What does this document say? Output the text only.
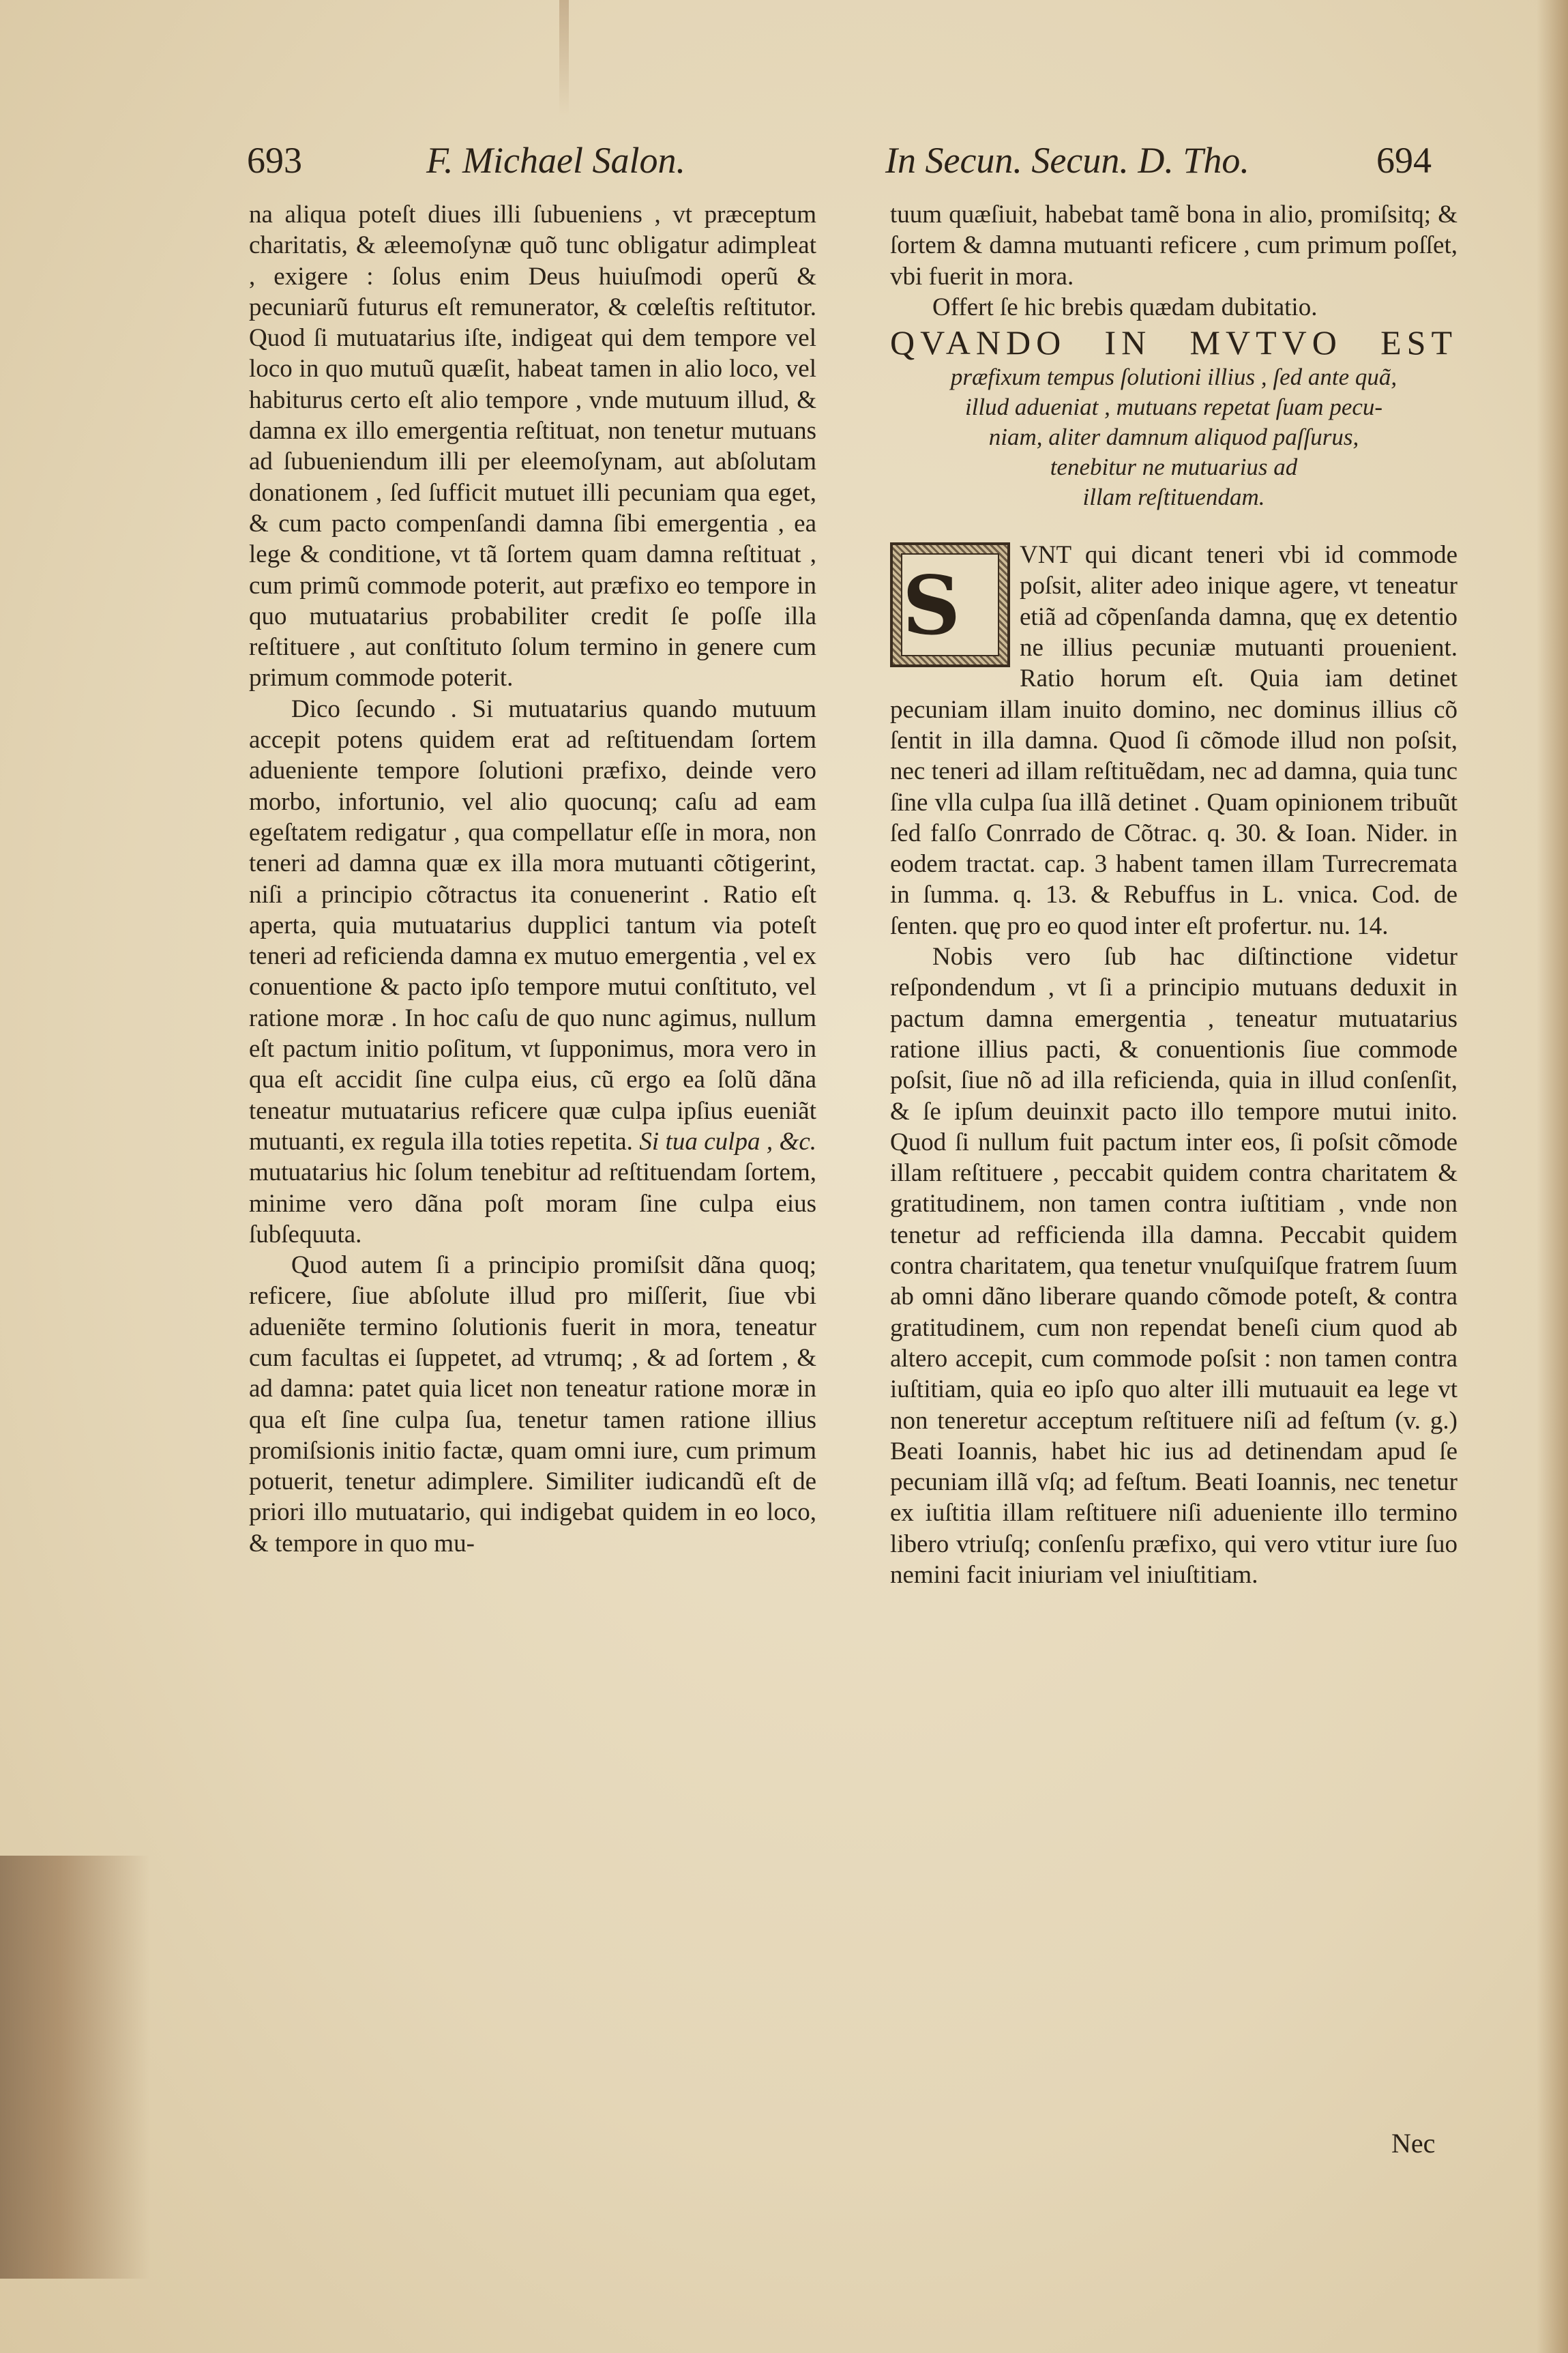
693	F. Michael Salon.	In Secun. Secun. D. Tho.	694

na aliqua poteſt diues illi ſubueniens , vt præceptum charitatis, & æleemoſynæ quõ tunc obligatur adimpleat , exigere : ſolus enim Deus huiuſmodi operũ & pecuniarũ futurus eſt remunerator, & cœleſtis reſtitutor. Quod ſi mutuatarius iſte, indigeat qui dem tempore vel loco in quo mutuũ quæſit, habeat tamen in alio loco, vel habiturus certo eſt alio tempore , vnde mutuum illud, & damna ex illo emergentia reſtituat, non tenetur mutuans ad ſubueniendum illi per eleemoſynam, aut abſolutam donationem , ſed ſufficit mutuet illi pecuniam qua eget, & cum pacto compenſandi damna ſibi emergentia , ea lege & conditione, vt tã ſortem quam damna reſtituat , cum primũ commode poterit, aut præfixo eo tempore in quo mutuatarius probabiliter credit ſe poſſe illa reſtituere , aut conſtituto ſolum termino in genere cum primum commode poterit.

Dico ſecundo . Si mutuatarius quando mutuum accepit potens quidem erat ad reſtituendam ſortem adueniente tempore ſolutioni præfixo, deinde vero morbo, infortunio, vel alio quocunq; caſu ad eam egeſtatem redigatur , qua compellatur eſſe in mora, non teneri ad damna quæ ex illa mora mutuanti cõtigerint, niſi a principio cõtractus ita conuenerint . Ratio eſt aperta, quia mutuatarius dupplici tantum via poteſt teneri ad reficienda damna ex mutuo emergentia , vel ex conuentione & pacto ipſo tempore mutui conſtituto, vel ratione moræ . In hoc caſu de quo nunc agimus, nullum eſt pactum initio poſitum, vt ſupponimus, mora vero in qua eſt accidit ſine culpa eius, cũ ergo ea ſolũ dãna teneatur mutuatarius reficere quæ culpa ipſius eueniãt mutuanti, ex regula illa toties repetita. Si tua culpa , &c. mutuatarius hic ſolum tenebitur ad reſtituendam ſortem, minime vero dãna poſt moram ſine culpa eius ſubſequuta.

Quod autem ſi a principio promiſsit dãna quoq; reficere, ſiue abſolute illud pro miſſerit, ſiue vbi adueniẽte termino ſolutionis fuerit in mora, teneatur cum facultas ei ſuppetet, ad vtrumq; , & ad ſortem , & ad damna: patet quia licet non teneatur ratione moræ in qua eſt ſine culpa ſua, tenetur tamen ratione illius promiſsionis initio factæ, quam omni iure, cum primum potuerit, tenetur adimplere. Similiter iudicandũ eſt de priori illo mutuatario, qui indigebat quidem in eo loco, & tempore in quo mu-

tuum quæſiuit, habebat tamẽ bona in alio, promiſsitq; & ſortem & damna mutuanti reficere , cum primum poſſet, vbi fuerit in mora.

Offert ſe hic brebis quædam dubitatio.

QVANDO IN MVTVO EST

præfixum tempus ſolutioni illius , ſed ante quã,
illud adueniat , mutuans repetat ſuam pecu-
niam, aliter damnum aliquod paſſurus,
tenebitur ne mutuarius ad
illam reſtituendam.
S

VNT qui dicant teneri vbi id commode poſsit, aliter adeo inique agere, vt teneatur etiã ad cõpenſanda damna, quę ex detentio ne illius pecuniæ mutuanti prouenient. Ratio horum eſt. Quia iam detinet pecuniam illam inuito domino, nec dominus illius cõ ſentit in illa damna. Quod ſi cõmode illud non poſsit, nec teneri ad illam reſtituẽdam, nec ad damna, quia tunc ſine vlla culpa ſua illã detinet . Quam opinionem tribuũt ſed falſo Conrrado de Cõtrac. q. 30. & Ioan. Nider. in eodem tractat. cap. 3 habent tamen illam Turrecremata in ſumma. q. 13. & Rebuffus in L. vnica. Cod. de ſenten. quę pro eo quod inter eſt profertur. nu. 14.

Nobis vero ſub hac diſtinctione videtur reſpondendum , vt ſi a principio mutuans deduxit in pactum damna emergentia , teneatur mutuatarius ratione illius pacti, & conuentionis ſiue commode poſsit, ſiue nõ ad illa reficienda, quia in illud conſenſit, & ſe ipſum deuinxit pacto illo tempore mutui inito. Quod ſi nullum fuit pactum inter eos, ſi poſsit cõmode illam reſtituere , peccabit quidem contra charitatem & gratitudinem, non tamen contra iuſtitiam , vnde non tenetur ad refficienda illa damna. Peccabit quidem contra charitatem, qua tenetur vnuſquiſque fratrem ſuum ab omni dãno liberare quando cõmode poteſt, & contra gratitudinem, cum non rependat beneſi cium quod ab altero accepit, cum commode poſsit : non tamen contra iuſtitiam, quia eo ipſo quo alter illi mutuauit ea lege vt non teneretur acceptum reſtituere niſi ad feſtum (v. g.) Beati Ioannis, habet hic ius ad detinendam apud ſe pecuniam illã vſq; ad feſtum. Beati Ioannis, nec tenetur ex iuſtitia illam reſtituere niſi adueniente illo termino libero vtriuſq; conſenſu præfixo, qui vero vtitur iure ſuo nemini facit iniuriam vel iniuſtitiam.

Nec
